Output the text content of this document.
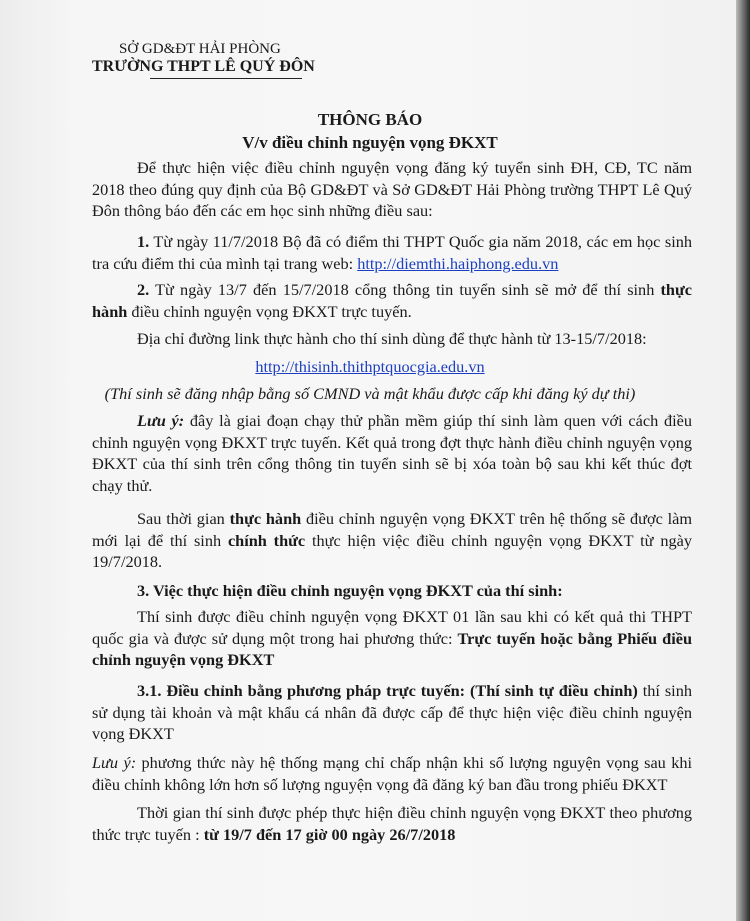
SỞ GD&ĐT HẢI PHÒNG
TRƯỜNG THPT LÊ QUÝ ĐÔN
THÔNG BÁO
V/v điều chỉnh nguyện vọng ĐKXT
Để thực hiện việc điều chỉnh nguyện vọng đăng ký tuyển sinh ĐH, CĐ, TC năm 2018 theo đúng quy định của Bộ GD&ĐT và Sở GD&ĐT Hải Phòng trường THPT Lê Quý Đôn thông báo đến các em học sinh những điều sau:
1. Từ ngày 11/7/2018 Bộ đã có điểm thi THPT Quốc gia năm 2018, các em học sinh tra cứu điểm thi của mình tại trang web: http://diemthi.haiphong.edu.vn
2. Từ ngày 13/7 đến 15/7/2018 cổng thông tin tuyển sinh sẽ mở để thí sinh thực hành điều chỉnh nguyện vọng ĐKXT trực tuyến.
Địa chỉ đường link thực hành cho thí sinh dùng để thực hành từ 13-15/7/2018:
http://thisinh.thithptquocgia.edu.vn
(Thí sinh sẽ đăng nhập bằng số CMND và mật khẩu được cấp khi đăng ký dự thi)
Lưu ý: đây là giai đoạn chạy thử phần mềm giúp thí sinh làm quen với cách điều chỉnh nguyện vọng ĐKXT trực tuyến. Kết quả trong đợt thực hành điều chỉnh nguyện vọng ĐKXT của thí sinh trên cổng thông tin tuyển sinh sẽ bị xóa toàn bộ sau khi kết thúc đợt chạy thử.
Sau thời gian thực hành điều chỉnh nguyện vọng ĐKXT trên hệ thống sẽ được làm mới lại để thí sinh chính thức thực hiện việc điều chỉnh nguyện vọng ĐKXT từ ngày 19/7/2018.
3. Việc thực hiện điều chỉnh nguyện vọng ĐKXT của thí sinh:
Thí sinh được điều chỉnh nguyện vọng ĐKXT 01 lần sau khi có kết quả thi THPT quốc gia và được sử dụng một trong hai phương thức: Trực tuyến hoặc bằng Phiếu điều chỉnh nguyện vọng ĐKXT
3.1. Điều chỉnh bằng phương pháp trực tuyến: (Thí sinh tự điều chỉnh) thí sinh sử dụng tài khoản và mật khẩu cá nhân đã được cấp để thực hiện việc điều chỉnh nguyện vọng ĐKXT
Lưu ý: phương thức này hệ thống mạng chỉ chấp nhận khi số lượng nguyện vọng sau khi điều chỉnh không lớn hơn số lượng nguyện vọng đã đăng ký ban đầu trong phiếu ĐKXT
Thời gian thí sinh được phép thực hiện điều chỉnh nguyện vọng ĐKXT theo phương thức trực tuyến : từ 19/7 đến 17 giờ 00 ngày 26/7/2018
